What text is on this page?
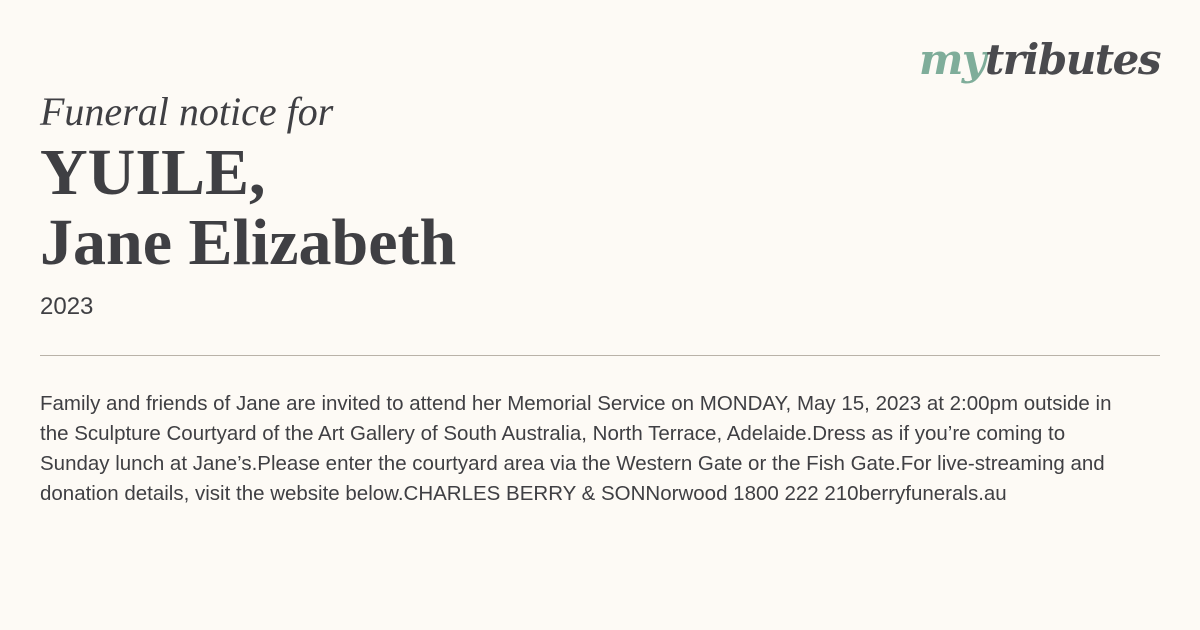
mytributes
Funeral notice for
YUILE,
Jane Elizabeth

2023

Family and friends of Jane are invited to attend her Memorial Service on MONDAY, May 15, 2023 at 2:00pm outside in the Sculpture Courtyard of the Art Gallery of South Australia, North Terrace, Adelaide.Dress as if you’re coming to Sunday lunch at Jane’s.Please enter the courtyard area via the Western Gate or the Fish Gate.For live-streaming and donation details, visit the website below.CHARLES BERRY & SONNorwood 1800 222 210berryfunerals.au
